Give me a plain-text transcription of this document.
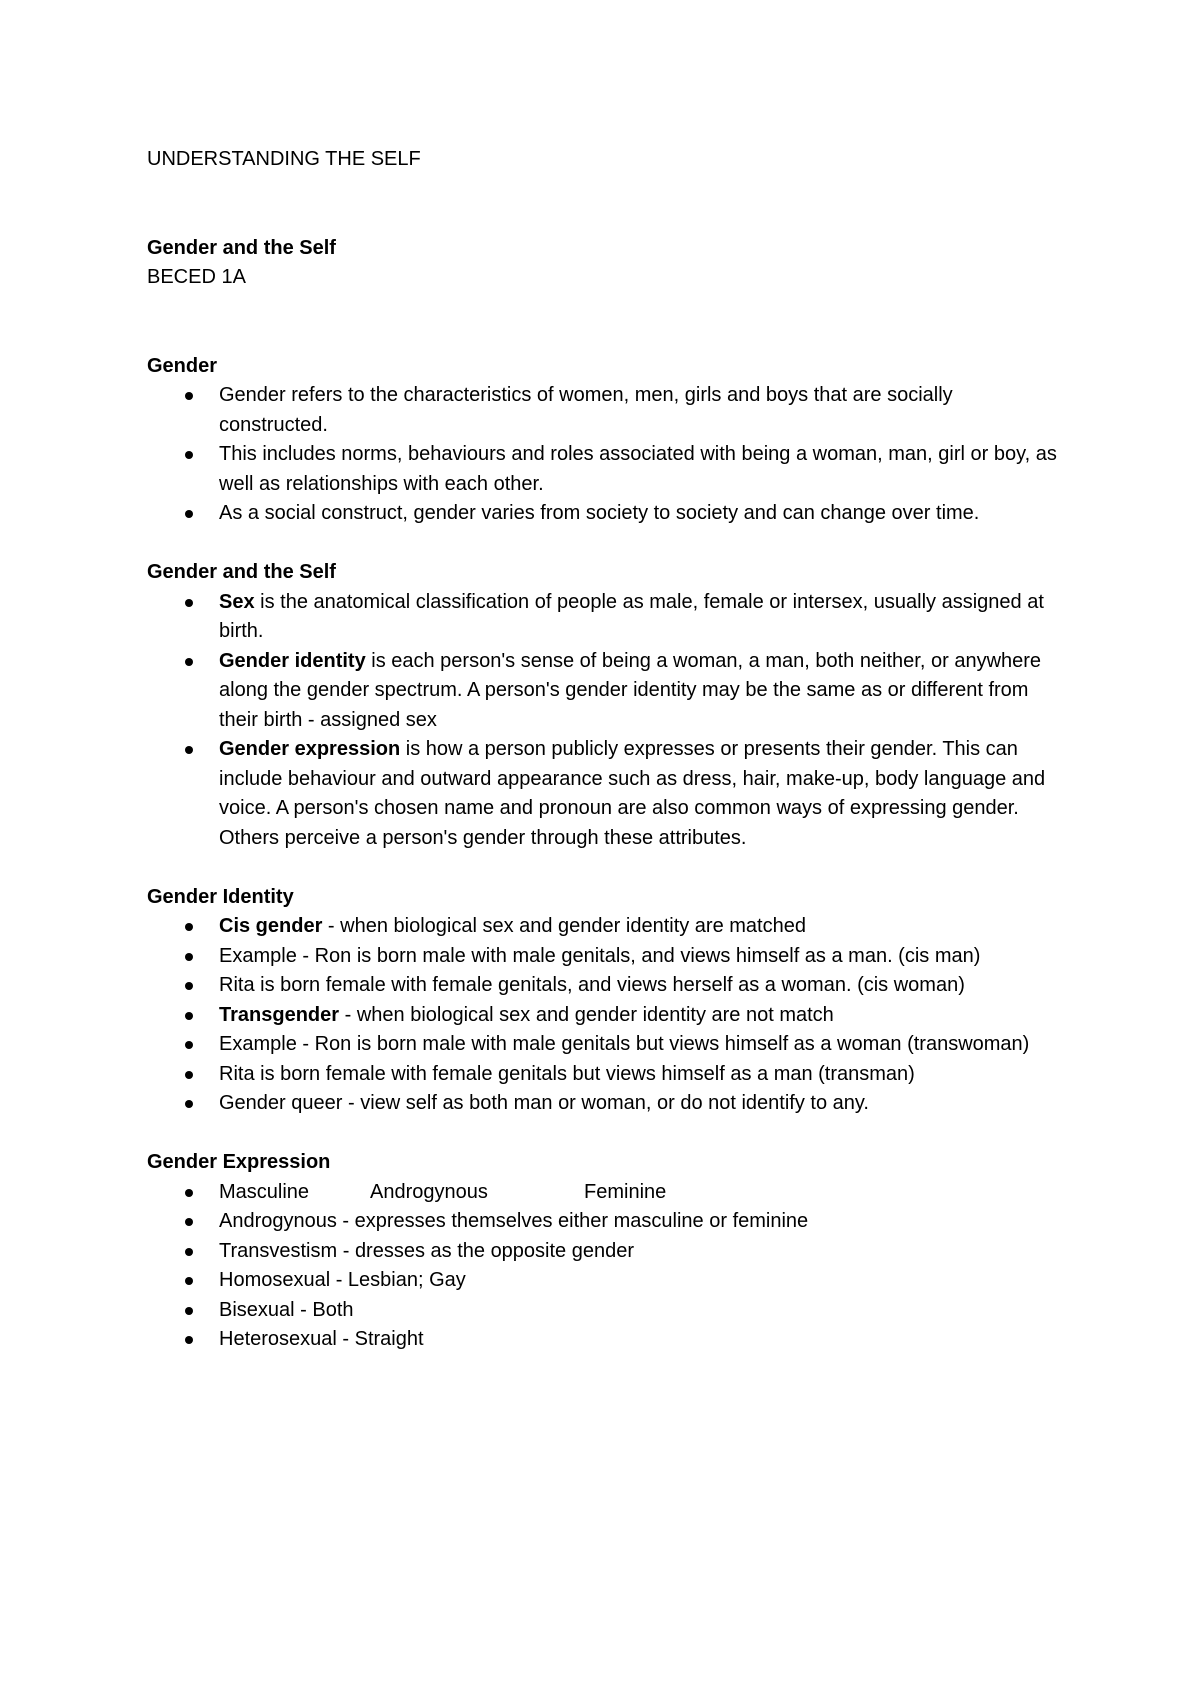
UNDERSTANDING THE SELF

Gender and the Self

BECED 1A

Gender

Gender refers to the characteristics of women, men, girls and boys that are socially constructed.
This includes norms, behaviours and roles associated with being a woman, man, girl or boy, as well as relationships with each other.
As a social construct, gender varies from society to society and can change over time.

Gender and the Self

Sex is the anatomical classification of people as male, female or intersex, usually assigned at birth.
Gender identity is each person's sense of being a woman, a man, both neither, or anywhere along the gender spectrum. A person's gender identity may be the same as or different from their birth - assigned sex
Gender expression is how a person publicly expresses or presents their gender. This can include behaviour and outward appearance such as dress, hair, make-up, body language and voice. A person's chosen name and pronoun are also common ways of expressing gender. Others perceive a person's gender through these attributes.

Gender Identity

Cis gender - when biological sex and gender identity are matched
Example - Ron is born male with male genitals, and views himself as a man. (cis man)
Rita is born female with female genitals, and views herself as a woman. (cis woman)
Transgender - when biological sex and gender identity are not match
Example - Ron is born male with male genitals but views himself as a woman (transwoman)
Rita is born female with female genitals but views himself as a man (transman)
Gender queer - view self as both man or woman, or do not identify to any.

Gender Expression

Masculine	Androgynous	Feminine
Androgynous - expresses themselves either masculine or feminine
Transvestism - dresses as the opposite gender
Homosexual - Lesbian; Gay
Bisexual - Both
Heterosexual - Straight
